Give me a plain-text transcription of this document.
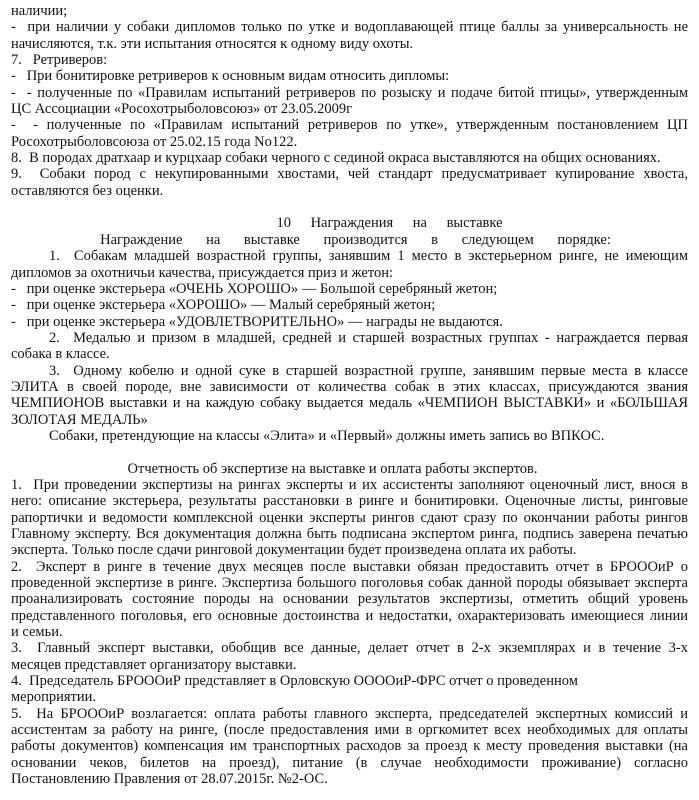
наличии;
-  при наличии у собаки дипломов только по утке и водоплавающей птице баллы за универсальность не
начисляются, т.к. эти испытания относятся к одному виду охоты.
7.   Ретриверов:
-   При бонитировке ретриверов к основным видам относить дипломы:
-  - полученные по «Правилам испытаний ретриверов по розыску и подаче битой птицы», утвержденным
ЦС Ассоциации «Росохотрыболовсоюз» от 23.05.2009г
-  - полученные по «Правилам испытаний ретриверов по утке», утвержденным постановлением ЦП
Росохотрыболовсоюза от 25.02.15 года No122.
8.  В породах дратхаар и курцхаар собаки черного с сединой окраса выставляются на общих основаниях.
9.  Собаки пород с некупированными хвостами, чей стандарт предусматривает купирование хвоста,
оставляются без оценки.

10 Награждения на выставке
Награждение на выставке производится в следующем порядке:
1.  Собакам младшей возрастной группы, занявшим 1 место в экстерьерном ринге, не имеющим
дипломов за охотничьи качества, присуждается приз и жетон:
-   при оценке экстерьера «ОЧЕНЬ ХОРОШО» — Большой серебряный жетон;
-   при оценке экстерьера «ХОРОШО» — Малый серебряный жетон;
-   при оценке экстерьера «УДОВЛЕТВОРИТЕЛЬНО» — награды не выдаются.
2.  Медалью и призом в младшей, средней и старшей возрастных группах - награждается первая
собака в классе.
3.  Одному кобелю и одной суке в старшей возрастной группе, занявшим первые места в классе
ЭЛИТА в своей породе, вне зависимости от количества собак в этих классах, присуждаются звания
ЧЕМПИОНОВ выставки и на каждую собаку выдается медаль «ЧЕМПИОН ВЫСТАВКИ» и «БОЛЬШАЯ
ЗОЛОТАЯ МЕДАЛЬ»
Собаки, претендующие на классы «Элита» и «Первый» должны иметь запись во ВПКОС.

Отчетность об экспертизе на выставке и оплата работы экспертов.
1.  При проведении экспертизы на рингах эксперты и их ассистенты заполняют оценочный лист, внося в
него: описание экстерьера, результаты расстановки в ринге и бонитировки. Оценочные листы, ринговые
рапортички и ведомости комплексной оценки эксперты рингов сдают сразу по окончании работы рингов
Главному эксперту. Вся документация должна быть подписана экспертом ринга, подпись заверена печатью
эксперта. Только после сдачи ринговой документации будет произведена оплата их работы.
2.  Эксперт в ринге в течение двух месяцев после выставки обязан предоставить отчет в БРОООиР о
проведенной экспертизе в ринге. Экспертиза большого поголовья собак данной породы обязывает эксперта
проанализировать состояние породы на основании результатов экспертизы, отметить общий уровень
представленного поголовья, его основные достоинства и недостатки, охарактеризовать имеющиеся линии
и семьи.
3.  Главный эксперт выставки, обобщив все данные, делает отчет в 2-х экземплярах и в течение 3-х
месяцев представляет организатору выставки.
4.  Председатель БРОООиР представляет в Орловскую ООООиР-ФРС отчет о проведенном
мероприятии.
5.  На БРОООиР возлагается: оплата работы главного эксперта, председателей экспертных комиссий и
ассистентам за работу на ринге, (после предоставления ими в оргкомитет всех необходимых для оплаты
работы документов) компенсация им транспортных расходов за проезд к месту проведения выставки (на
основании чеков, билетов на проезд), питание (в случае необходимости проживание) согласно
Постановлению Правления от 28.07.2015г. №2-ОС.
